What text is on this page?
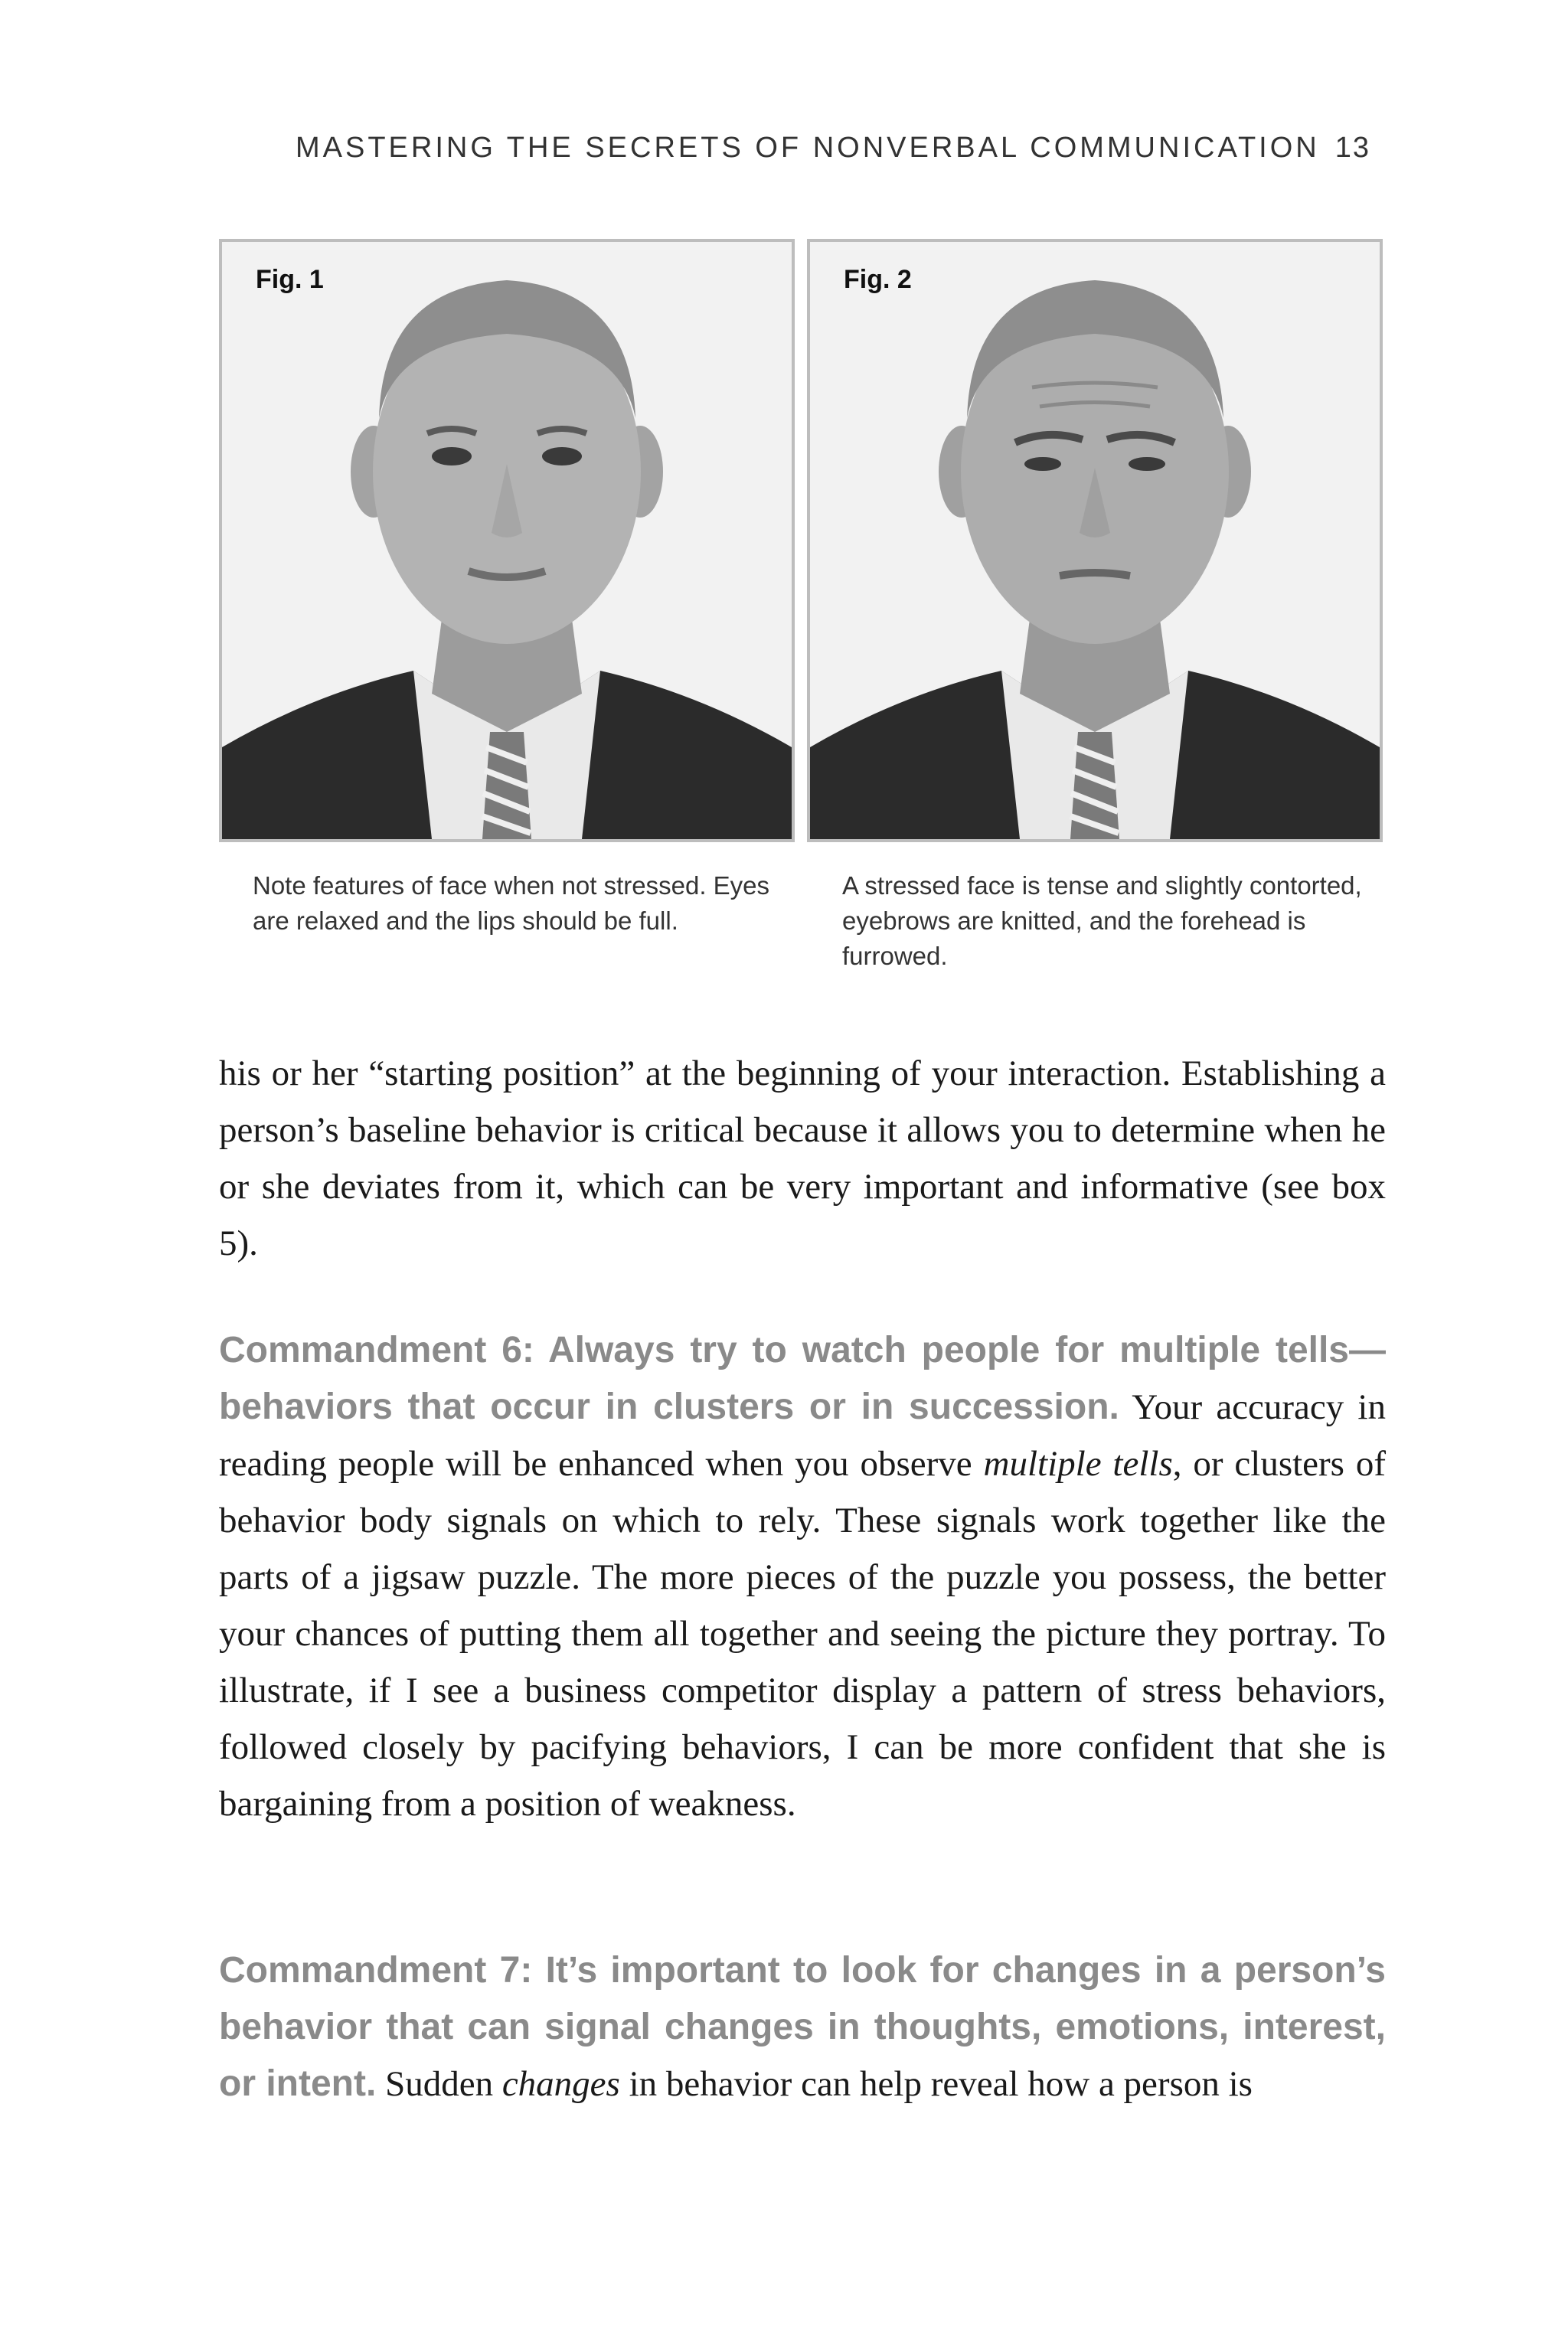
MASTERING THE SECRETS OF NONVERBAL COMMUNICATION 13
Fig. 1	Fig. 2
Note features of face when not stressed. Eyes are relaxed and the lips should be full.
A stressed face is tense and slightly contorted, eyebrows are knitted, and the forehead is furrowed.

his or her “starting position” at the beginning of your interaction. Establishing a person’s baseline behavior is critical because it allows you to determine when he or she deviates from it, which can be very important and informative (see box 5).

Commandment 6: Always try to watch people for multiple tells—behaviors that occur in clusters or in succession. Your accuracy in reading people will be enhanced when you observe multiple tells, or clusters of behavior body signals on which to rely. These signals work together like the parts of a jigsaw puzzle. The more pieces of the puzzle you possess, the better your chances of putting them all together and seeing the picture they portray. To illustrate, if I see a business competitor display a pattern of stress behaviors, followed closely by pacifying behaviors, I can be more confident that she is bargaining from a position of weakness.

Commandment 7: It’s important to look for changes in a person’s behavior that can signal changes in thoughts, emotions, interest, or intent. Sudden changes in behavior can help reveal how a person is
